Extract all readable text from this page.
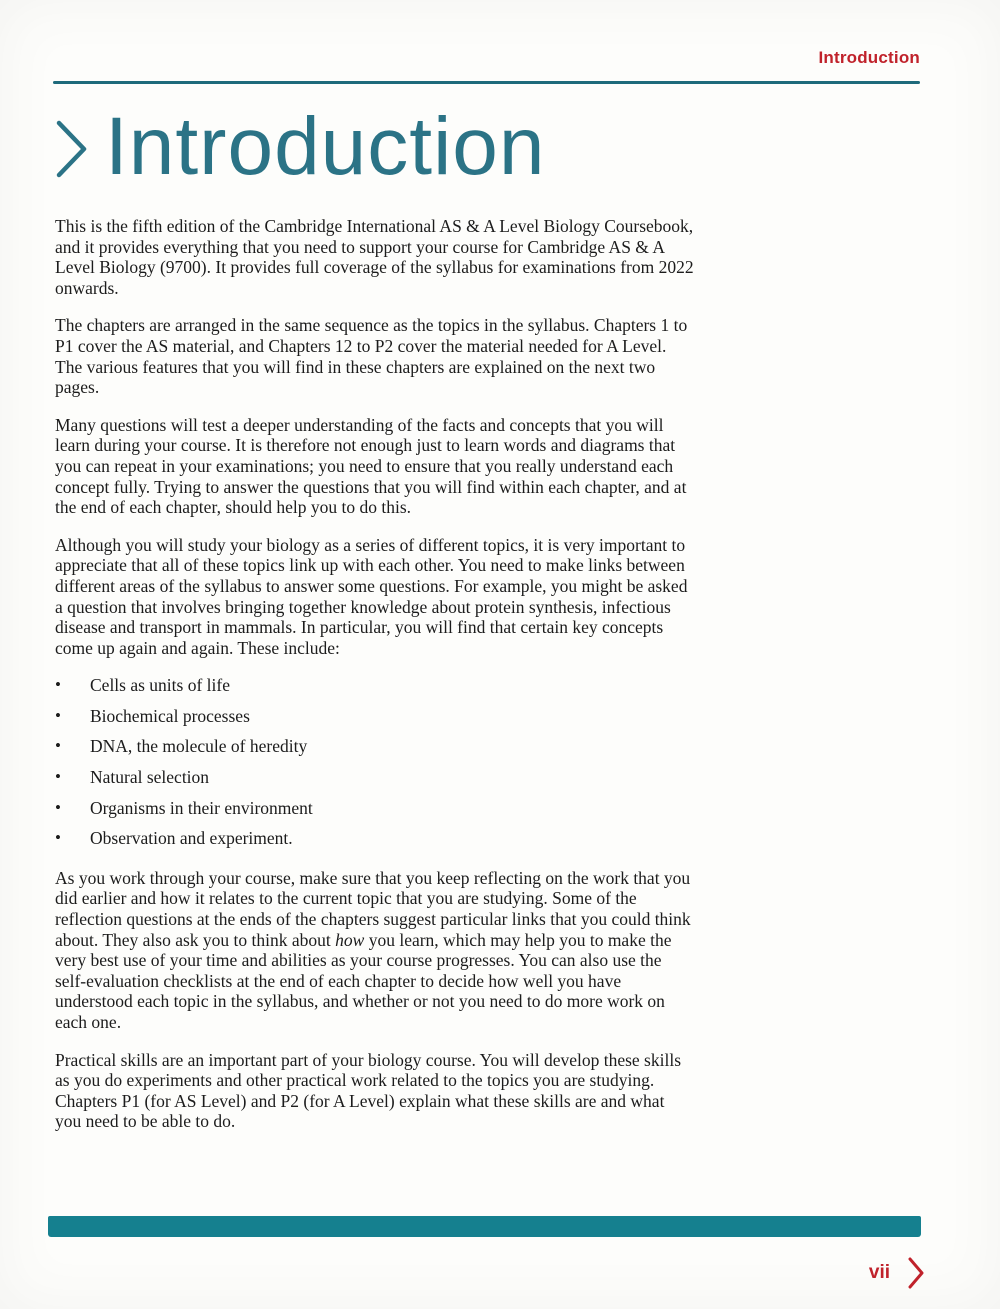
Introduction
Introduction

This is the fifth edition of the Cambridge International AS & A Level Biology Coursebook, and it provides everything that you need to support your course for Cambridge AS & A Level Biology (9700). It provides full coverage of the syllabus for examinations from 2022 onwards.

The chapters are arranged in the same sequence as the topics in the syllabus. Chapters 1 to P1 cover the AS material, and Chapters 12 to P2 cover the material needed for A Level. The various features that you will find in these chapters are explained on the next two pages.

Many questions will test a deeper understanding of the facts and concepts that you will learn during your course. It is therefore not enough just to learn words and diagrams that you can repeat in your examinations; you need to ensure that you really understand each concept fully. Trying to answer the questions that you will find within each chapter, and at the end of each chapter, should help you to do this.

Although you will study your biology as a series of different topics, it is very important to appreciate that all of these topics link up with each other. You need to make links between different areas of the syllabus to answer some questions. For example, you might be asked a question that involves bringing together knowledge about protein synthesis, infectious disease and transport in mammals. In particular, you will find that certain key concepts come up again and again. These include:

•	Cells as units of life
•	Biochemical processes
•	DNA, the molecule of heredity
•	Natural selection
•	Organisms in their environment
•	Observation and experiment.

As you work through your course, make sure that you keep reflecting on the work that you did earlier and how it relates to the current topic that you are studying. Some of the reflection questions at the ends of the chapters suggest particular links that you could think about. They also ask you to think about how you learn, which may help you to make the very best use of your time and abilities as your course progresses. You can also use the self-evaluation checklists at the end of each chapter to decide how well you have understood each topic in the syllabus, and whether or not you need to do more work on each one.

Practical skills are an important part of your biology course. You will develop these skills as you do experiments and other practical work related to the topics you are studying. Chapters P1 (for AS Level) and P2 (for A Level) explain what these skills are and what you need to be able to do.

vii
